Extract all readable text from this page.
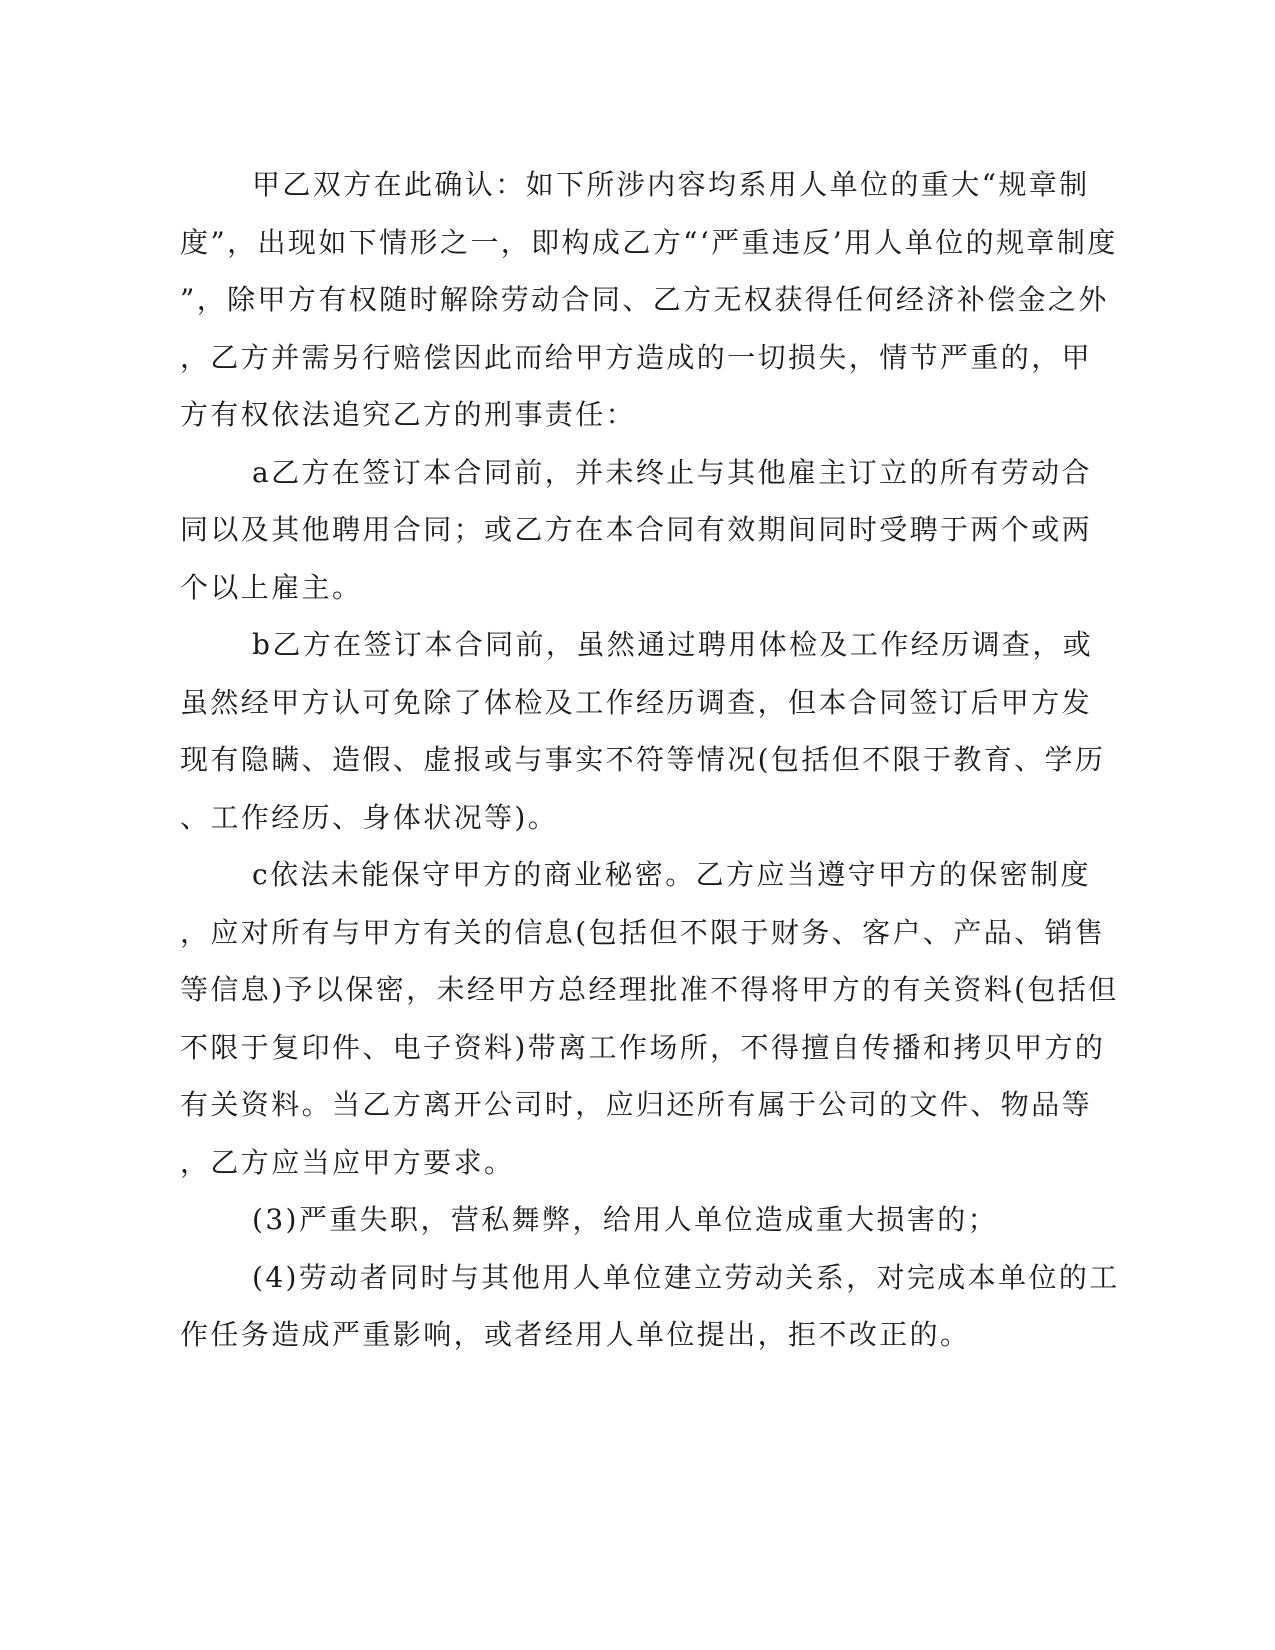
甲乙双方在此确认：如下所涉内容均系用人单位的重大“规章制

度”，出现如下情形之一，即构成乙方“‘严重违反’用人单位的规章制度

”，除甲方有权随时解除劳动合同、乙方无权获得任何经济补偿金之外

，乙方并需另行赔偿因此而给甲方造成的一切损失，情节严重的，甲

方有权依法追究乙方的刑事责任：

a乙方在签订本合同前，并未终止与其他雇主订立的所有劳动合

同以及其他聘用合同；或乙方在本合同有效期间同时受聘于两个或两

个以上雇主。

b乙方在签订本合同前，虽然通过聘用体检及工作经历调查，或

虽然经甲方认可免除了体检及工作经历调查，但本合同签订后甲方发

现有隐瞒、造假、虚报或与事实不符等情况(包括但不限于教育、学历

、工作经历、身体状况等)。

c依法未能保守甲方的商业秘密。乙方应当遵守甲方的保密制度

，应对所有与甲方有关的信息(包括但不限于财务、客户、产品、销售

等信息)予以保密，未经甲方总经理批准不得将甲方的有关资料(包括但

不限于复印件、电子资料)带离工作场所，不得擅自传播和拷贝甲方的

有关资料。当乙方离开公司时，应归还所有属于公司的文件、物品等

，乙方应当应甲方要求。

(3)严重失职，营私舞弊，给用人单位造成重大损害的；

(4)劳动者同时与其他用人单位建立劳动关系，对完成本单位的工

作任务造成严重影响，或者经用人单位提出，拒不改正的。
